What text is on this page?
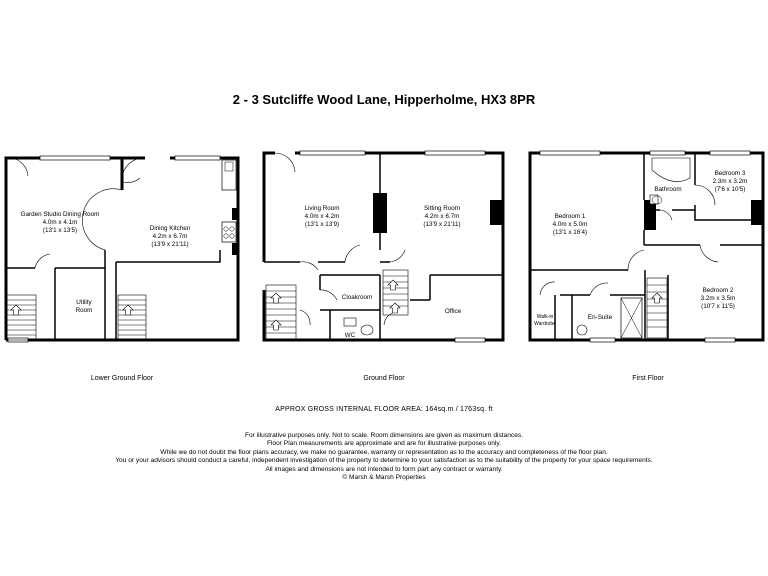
2 - 3 Sutcliffe Wood Lane, Hipperholme, HX3 8PR
Garden Studio Dining Room
4.0m x 4.1m
(13'1 x 13'5)	Dining Kitchen
4.2m x 6.7m
(13'9 x 21'11)
Utility
Room
Lower Ground Floor
Living Room
4.0m x 4.2m
(13'1 x 13'9)
Sitting Room
4.2m x 6.7m
(13'9 x 21'11)
Cloakroom
WC
Office
Ground Floor
Bedroom 1
4.0m x 5.0m
(13'1 x 16'4)
Bathroom
Bedroom 3
2.3m x 3.2m
(7'6 x 10'5)
Bedroom 2
3.2m x 3.5m
(10'7 x 11'5)
Walk-in
Wardrobe
En-Suite
First Floor
APPROX GROSS INTERNAL FLOOR AREA: 164sq.m / 1763sq. ft
For illustrative purposes only. Not to scale. Room dimensions are given as maximum distances.
Floor Plan measurements are approximate and are for illustrative purposes only.
While we do not doubt the floor plans accuracy, we make no guarantee, warranty or representation as to the accuracy and completeness of the floor plan.
You or your advisors should conduct a careful, independent investigation of the property to determine to your satisfaction as to the suitability of the property for your space requirements.
All images and dimensions are not intended to form part any contract or warranty.
© Marsh & Marsh Properties
